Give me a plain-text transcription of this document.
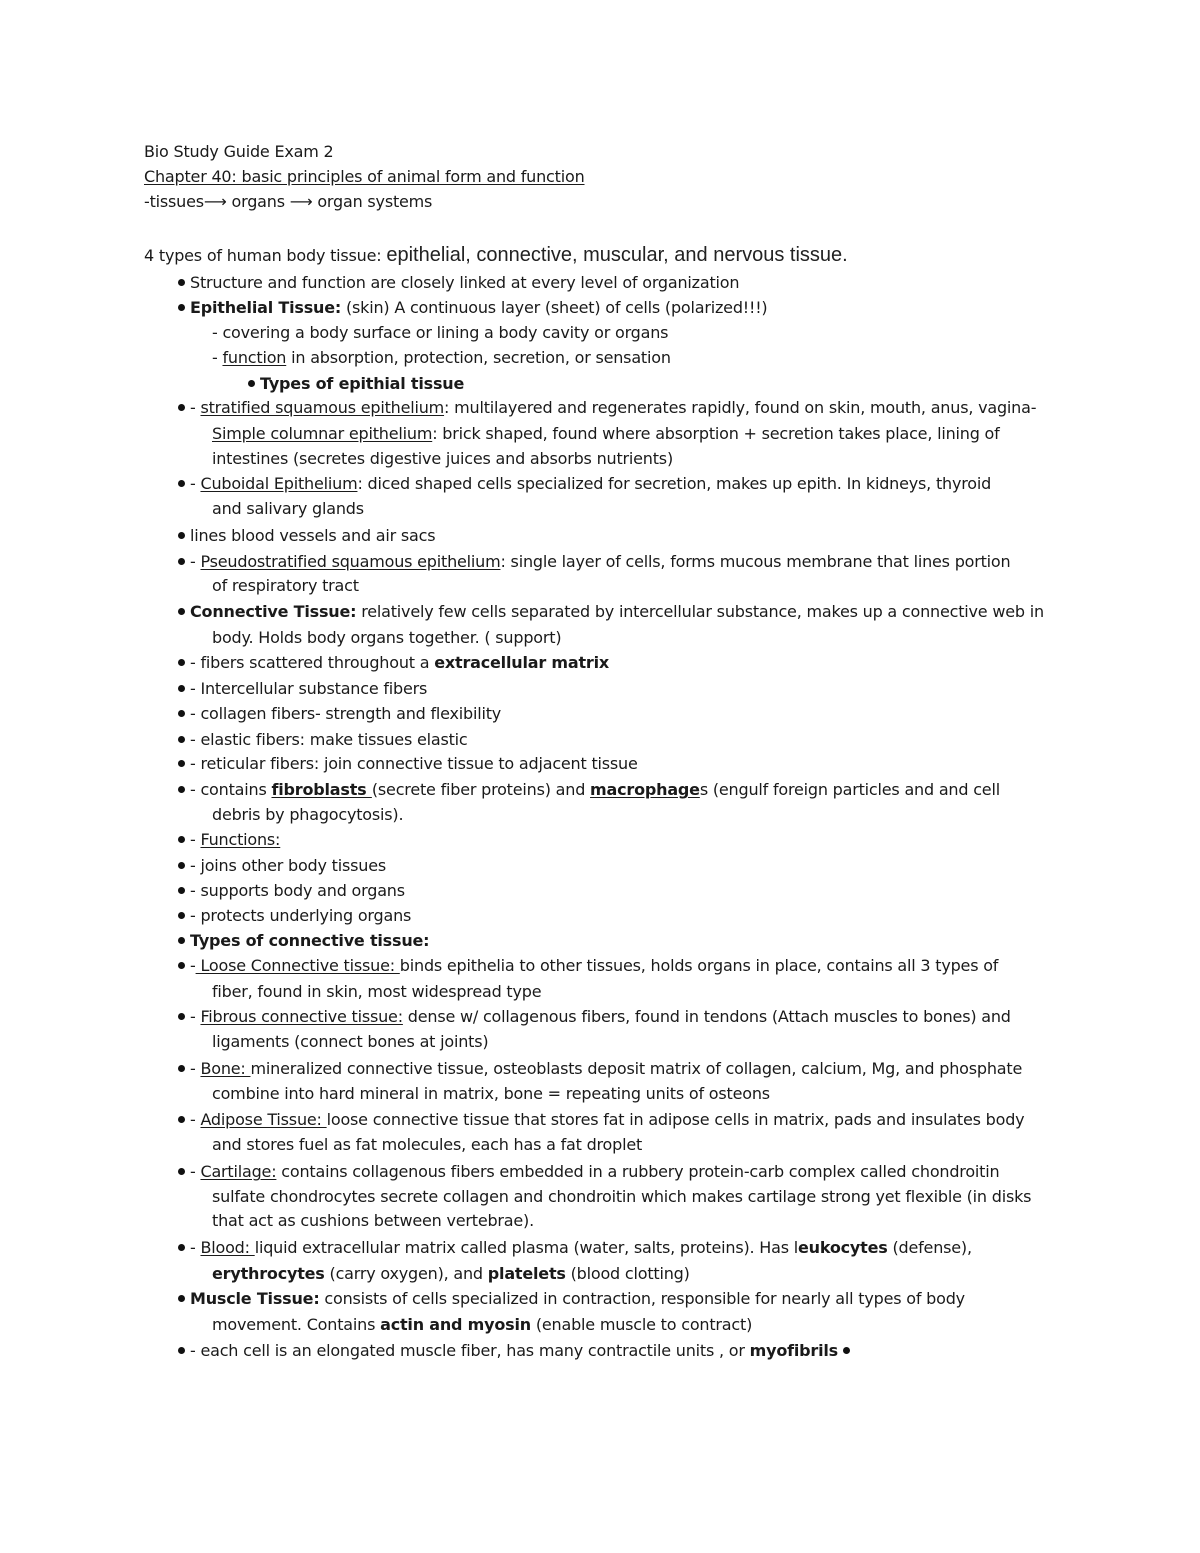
Bio Study Guide Exam 2
Chapter 40: basic principles of animal form and function
-tissues⟶ organs ⟶ organ systems
4 types of human body tissue: epithelial, connective, muscular, and nervous tissue.
Structure and function are closely linked at every level of organization
Epithelial Tissue: (skin) A continuous layer (sheet) of cells (polarized!!!)
- covering a body surface or lining a body cavity or organs
- function in absorption, protection, secretion, or sensation
Types of epithial tissue
- stratified squamous epithelium: multilayered and regenerates rapidly, found on skin, mouth, anus, vagina-
Simple columnar epithelium: brick shaped, found where absorption + secretion takes place, lining of
intestines (secretes digestive juices and absorbs nutrients)
- Cuboidal Epithelium: diced shaped cells specialized for secretion, makes up epith. In kidneys, thyroid
and salivary glands
lines blood vessels and air sacs
- Pseudostratified squamous epithelium: single layer of cells, forms mucous membrane that lines portion
of respiratory tract
Connective Tissue: relatively few cells separated by intercellular substance, makes up a connective web in
body. Holds body organs together. ( support)
- fibers scattered throughout a extracellular matrix
- Intercellular substance fibers
- collagen fibers- strength and flexibility
- elastic fibers: make tissues elastic
- reticular fibers: join connective tissue to adjacent tissue
- contains fibroblasts (secrete fiber proteins) and macrophages (engulf foreign particles and and cell
debris by phagocytosis).
- Functions:
- joins other body tissues
- supports body and organs
- protects underlying organs
Types of connective tissue:
- Loose Connective tissue: binds epithelia to other tissues, holds organs in place, contains all 3 types of
fiber, found in skin, most widespread type
- Fibrous connective tissue: dense w/ collagenous fibers, found in tendons (Attach muscles to bones) and
ligaments (connect bones at joints)
- Bone: mineralized connective tissue, osteoblasts deposit matrix of collagen, calcium, Mg, and phosphate
combine into hard mineral in matrix, bone = repeating units of osteons
- Adipose Tissue: loose connective tissue that stores fat in adipose cells in matrix, pads and insulates body
and stores fuel as fat molecules, each has a fat droplet
- Cartilage: contains collagenous fibers embedded in a rubbery protein-carb complex called chondroitin
sulfate chondrocytes secrete collagen and chondroitin which makes cartilage strong yet flexible (in disks
that act as cushions between vertebrae).
- Blood: liquid extracellular matrix called plasma (water, salts, proteins). Has leukocytes (defense),
erythrocytes (carry oxygen), and platelets (blood clotting)
Muscle Tissue: consists of cells specialized in contraction, responsible for nearly all types of body
movement. Contains actin and myosin (enable muscle to contract)
- each cell is an elongated muscle fiber, has many contractile units , or myofibrils
